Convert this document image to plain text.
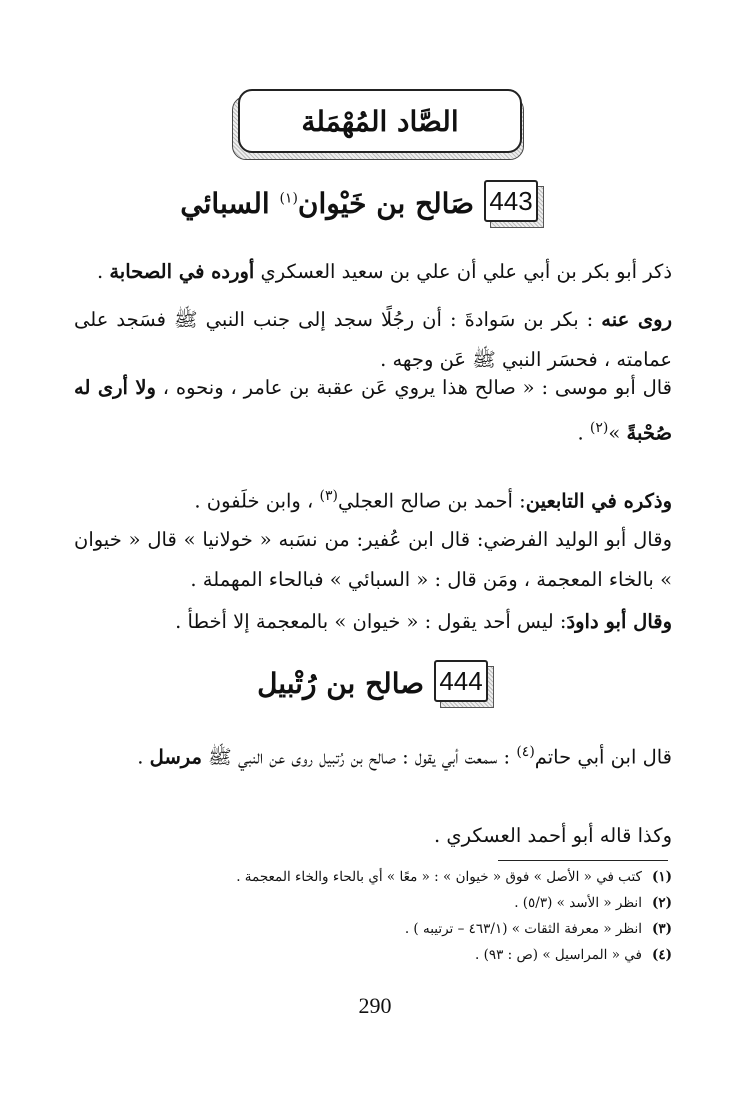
الصَّاد المُهْمَلة
443
صَالح بن خَيْوان$^{(١)}$ السبائي
ذكر أبو بكر بن أبي علي أن علي بن سعيد العسكري أورده في الصحابة .
روى عنه : بكر بن سَوادةَ : أن رجُلًا سجد إلى جنب النبي ﷺ فسَجد على عمامته ، فحسَر النبي ﷺ عَن وجهه .
قال أبو موسى : « صالح هذا يروي عَن عقبة بن عامر ، ونحوه ، ولا أرى له صُحْبةً »$^{(٢)}$ .
وذكره في التابعين: أحمد بن صالح العجلي$^{(٣)}$ ، وابن خلَفون .
وقال أبو الوليد الفرضي: قال ابن عُفير: من نسَبه « خولانيا » قال « خيوان » بالخاء المعجمة ، ومَن قال : « السبائي » فبالحاء المهملة .
وقال أبو داودَ: ليس أحد يقول : « خيوان » بالمعجمة إلا أخطأ .
444
صالح بن رُتْبيل
قال ابن أبي حاتم$^{(٤)}$ : سمعت أبي يقول : صالح بن رُتبيل روى عن النبي ﷺ مرسل .
وكذا قاله أبو أحمد العسكري .
(١)كتب في « الأصل » فوق « خيوان » : « معًا » أي بالحاء والخاء المعجمة .
(٢)انظر « الأسد » (٥/٣) .
(٣)انظر « معرفة الثقات » (٤٦٣/١ – ترتيبه ) .
(٤)في « المراسيل » (ص : ٩٣) .
290
